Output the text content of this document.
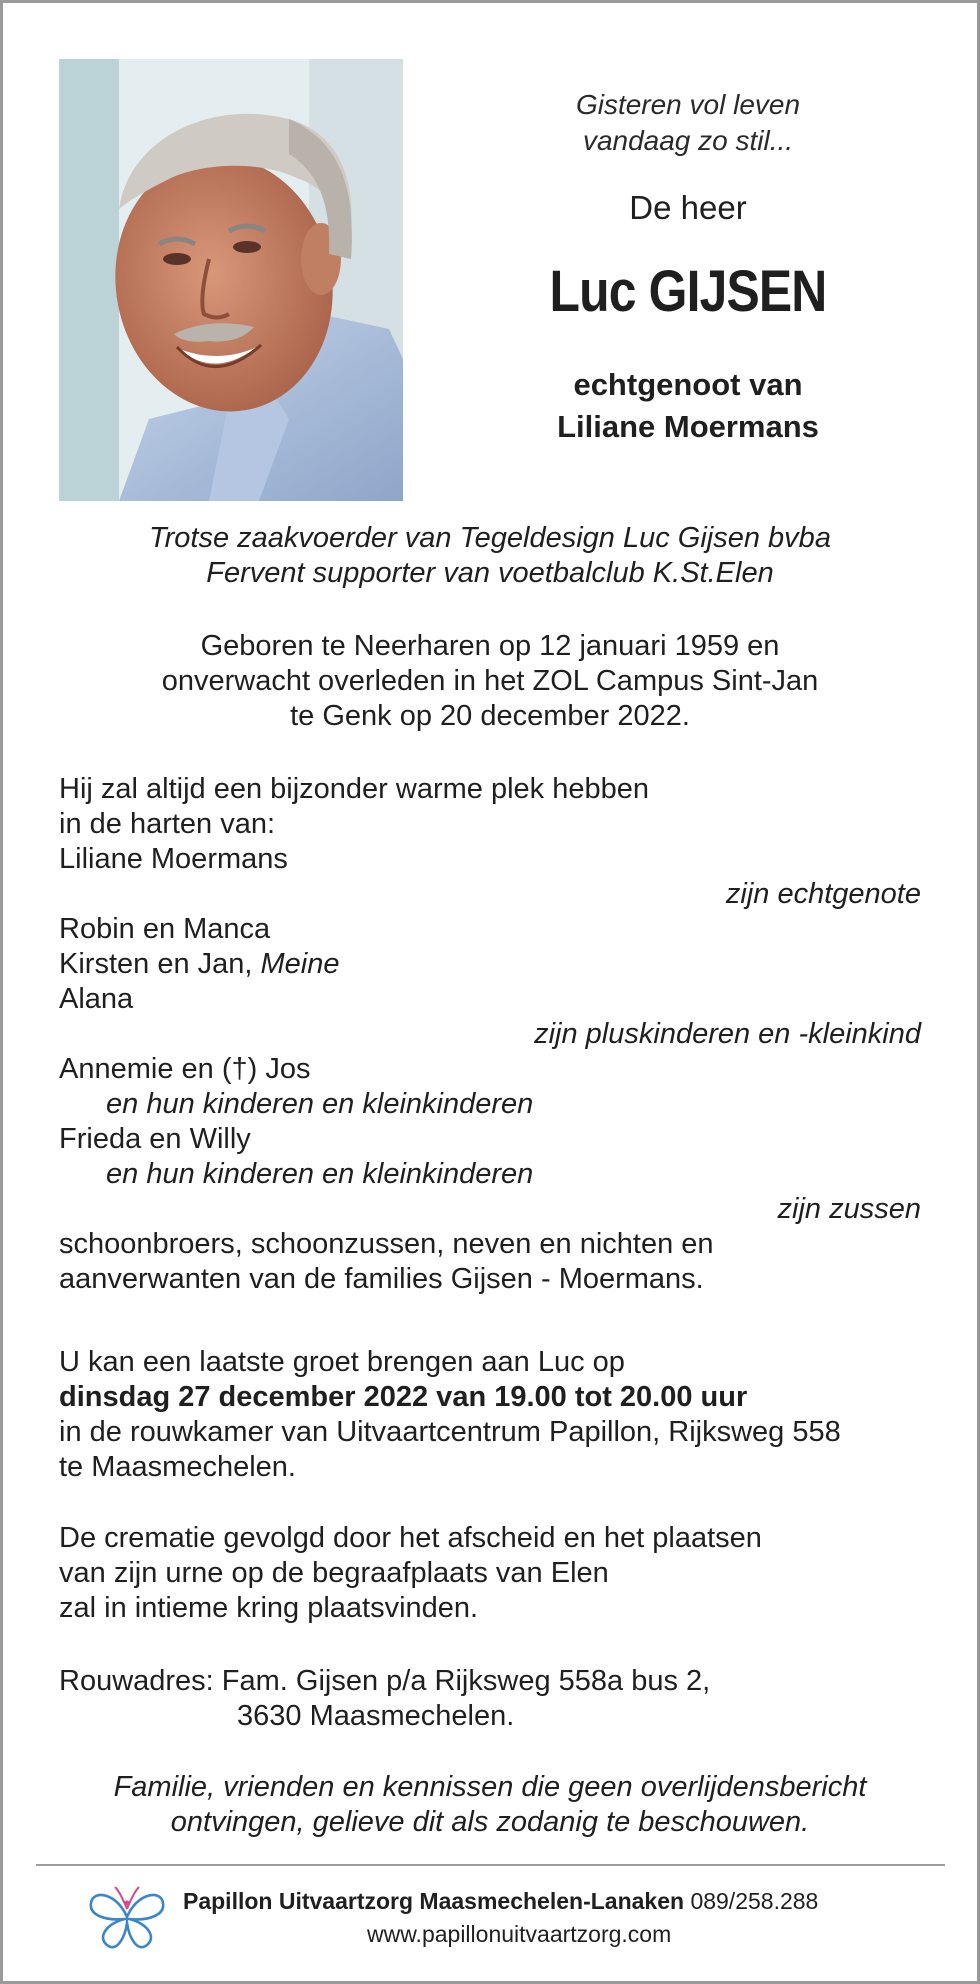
Gisteren vol leven
vandaag zo stil...
De heer
Luc GIJSEN
echtgenoot van
Liliane Moermans
Trotse zaakvoerder van Tegeldesign Luc Gijsen bvba
Fervent supporter van voetbalclub K.St.Elen
Geboren te Neerharen op 12 januari 1959 en
onverwacht overleden in het ZOL Campus Sint-Jan
te Genk op 20 december 2022.
Hij zal altijd een bijzonder warme plek hebben
in de harten van:
Liliane Moermans
zijn echtgenote
Robin en Manca
Kirsten en Jan, Meine
Alana
zijn pluskinderen en -kleinkind
Annemie en (†) Jos
en hun kinderen en kleinkinderen
Frieda en Willy
en hun kinderen en kleinkinderen
zijn zussen
schoonbroers, schoonzussen, neven en nichten en
aanverwanten van de families Gijsen - Moermans.
U kan een laatste groet brengen aan Luc op
dinsdag 27 december 2022 van 19.00 tot 20.00 uur
in de rouwkamer van Uitvaartcentrum Papillon, Rijksweg 558
te Maasmechelen.
De crematie gevolgd door het afscheid en het plaatsen
van zijn urne op de begraafplaats van Elen
zal in intieme kring plaatsvinden.
Rouwadres: Fam. Gijsen p/a Rijksweg 558a bus 2,
3630 Maasmechelen.
Familie, vrienden en kennissen die geen overlijdensbericht
ontvingen, gelieve dit als zodanig te beschouwen.
Papillon Uitvaartzorg Maasmechelen-Lanaken 089/258.288
www.papillonuitvaartzorg.com
